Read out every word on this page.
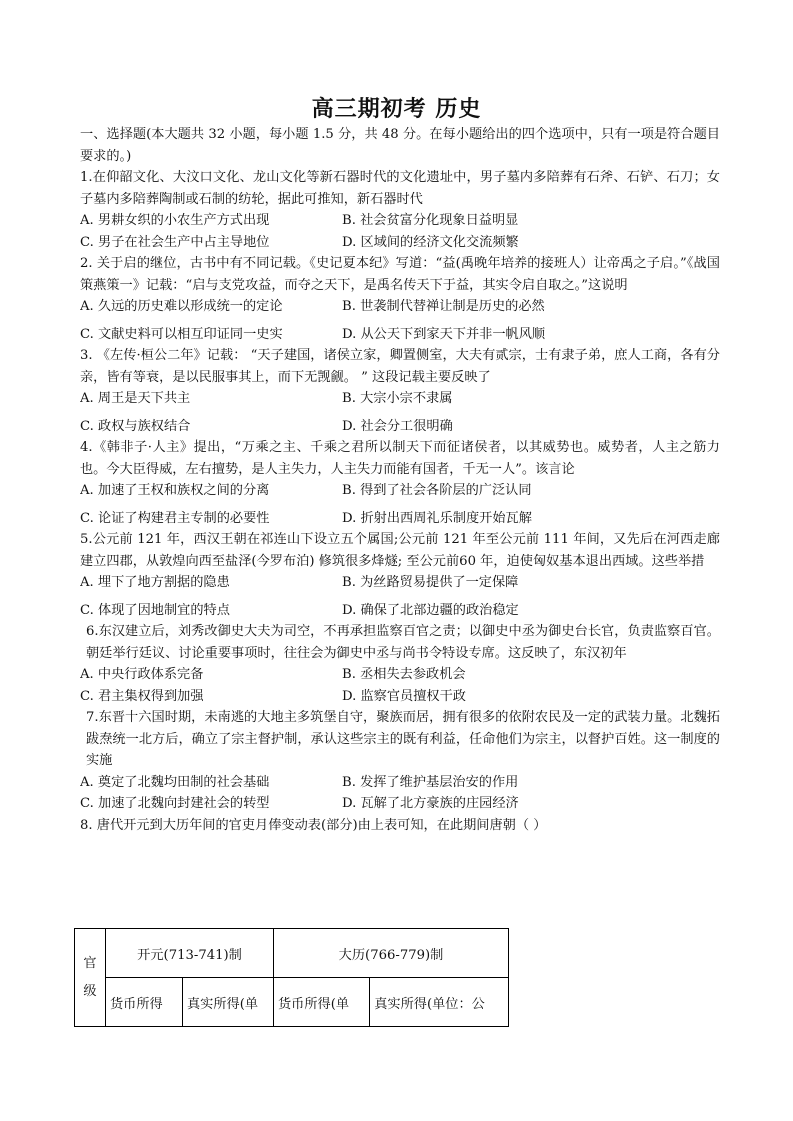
高三期初考 历史

一、选择题(本大题共 32 小题，每小题 1.5 分，共 48 分。在每小题给出的四个选项中，只有一项是符合题目要求的。)

1.在仰韶文化、大汶口文化、龙山文化等新石器时代的文化遗址中，男子墓内多陪葬有石斧、石铲、石刀；女子墓内多陪葬陶制或石制的纺轮，据此可推知，新石器时代

A. 男耕女织的小农生产方式出现	B. 社会贫富分化现象日益明显
C. 男子在社会生产中占主导地位	D. 区域间的经济文化交流频繁

2. 关于启的继位，古书中有不同记载。《史记夏本纪》写道：“益(禹晚年培养的接班人）让帝禹之子启。”《战国策燕策一》记载：“启与支党攻益，而夺之天下，是禹名传天下于益，其实令启自取之。”这说明

A. 久远的历史难以形成统一的定论	B. 世袭制代替禅让制是历史的必然
C. 文献史料可以相互印证同一史实	D. 从公天下到家天下并非一帆风顺

3. 《左传·桓公二年》记载： “天子建国，诸侯立家，卿置侧室，大夫有贰宗，士有隶子弟，庶人工商，各有分亲，皆有等衰，是以民服事其上，而下无觊觎。 ” 这段记载主要反映了

A. 周王是天下共主	B. 大宗小宗不隶属
C. 政权与族权结合	D. 社会分工很明确

4.《韩非子·人主》提出，“万乘之主、千乘之君所以制天下而征诸侯者，以其威势也。威势者，人主之筋力也。今大臣得威，左右擅势，是人主失力，人主失力而能有国者，千无一人”。该言论

A. 加速了王权和族权之间的分离	B. 得到了社会各阶层的广泛认同
C. 论证了构建君主专制的必要性	D. 折射出西周礼乐制度开始瓦解

5.公元前 121 年，西汉王朝在祁连山下设立五个属国;公元前 121 年至公元前 111 年间，又先后在河西走廊建立四郡，从敦煌向西至盐泽(今罗布泊) 修筑很多烽燧; 至公元前60 年，迫使匈奴基本退出西域。这些举措

A. 埋下了地方割据的隐患	B. 为丝路贸易提供了一定保障
C. 体现了因地制宜的特点	D. 确保了北部边疆的政治稳定

6.东汉建立后，刘秀改御史大夫为司空，不再承担监察百官之责；以御史中丞为御史台长官，负责监察百官。朝廷举行廷议、讨论重要事项时，往往会为御史中丞与尚书令特设专席。这反映了，东汉初年

A. 中央行政体系完备	B. 丞相失去参政机会
C. 君主集权得到加强	D. 监察官员擅权干政

7.东晋十六国时期，未南逃的大地主多筑堡自守，聚族而居，拥有很多的依附农民及一定的武装力量。北魏拓跋焘统一北方后，确立了宗主督护制，承认这些宗主的既有利益，任命他们为宗主，以督护百姓。这一制度的实施

A. 奠定了北魏均田制的社会基础	B. 发挥了维护基层治安的作用
C. 加速了北魏向封建社会的转型	D. 瓦解了北方豪族的庄园经济

8. 唐代开元到大历年间的官吏月俸变动表(部分)由上表可知，在此期间唐朝（ ）

官级	开元(713-741)制		大历(766-779)制	
	货币所得	真实所得(单	货币所得(单	真实所得(单位：公
